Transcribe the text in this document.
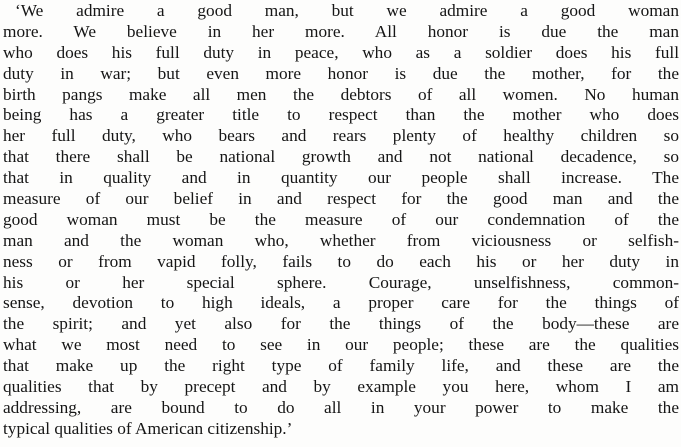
‘We admire a good man, but we admire a good woman
more. We believe in her more. All honor is due the man
who does his full duty in peace, who as a soldier does his full
duty in war; but even more honor is due the mother, for the
birth pangs make all men the debtors of all women. No human
being has a greater title to respect than the mother who does
her full duty, who bears and rears plenty of healthy children so
that there shall be national growth and not national decadence, so
that in quality and in quantity our people shall increase. The
measure of our belief in and respect for the good man and the
good woman must be the measure of our condemnation of the
man and the woman who, whether from viciousness or selfish-
ness or from vapid folly, fails to do each his or her duty in
his or her special sphere. Courage, unselfishness, common-
sense, devotion to high ideals, a proper care for the things of
the spirit; and yet also for the things of the body—these are
what we most need to see in our people; these are the qualities
that make up the right type of family life, and these are the
qualities that by precept and by example you here, whom I am
addressing, are bound to do all in your power to make the
typical qualities of American citizenship.’
